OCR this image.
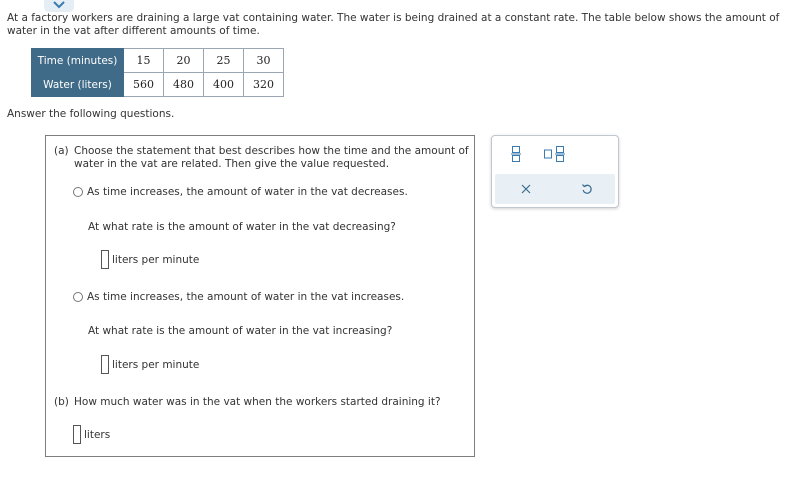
At a factory workers are draining a large vat containing water. The water is being drained at a constant rate. The table below shows the amount of water in the vat after different amounts of time.
Time (minutes)	15	20	25	30
Water (liters)	560	480	400	320
Answer the following questions.
(a) Choose the statement that best describes how the time and the amount of water in the vat are related. Then give the value requested.
As time increases, the amount of water in the vat decreases.
At what rate is the amount of water in the vat decreasing?
liters per minute
As time increases, the amount of water in the vat increases.
At what rate is the amount of water in the vat increasing?
liters per minute
(b) How much water was in the vat when the workers started draining it?
liters
